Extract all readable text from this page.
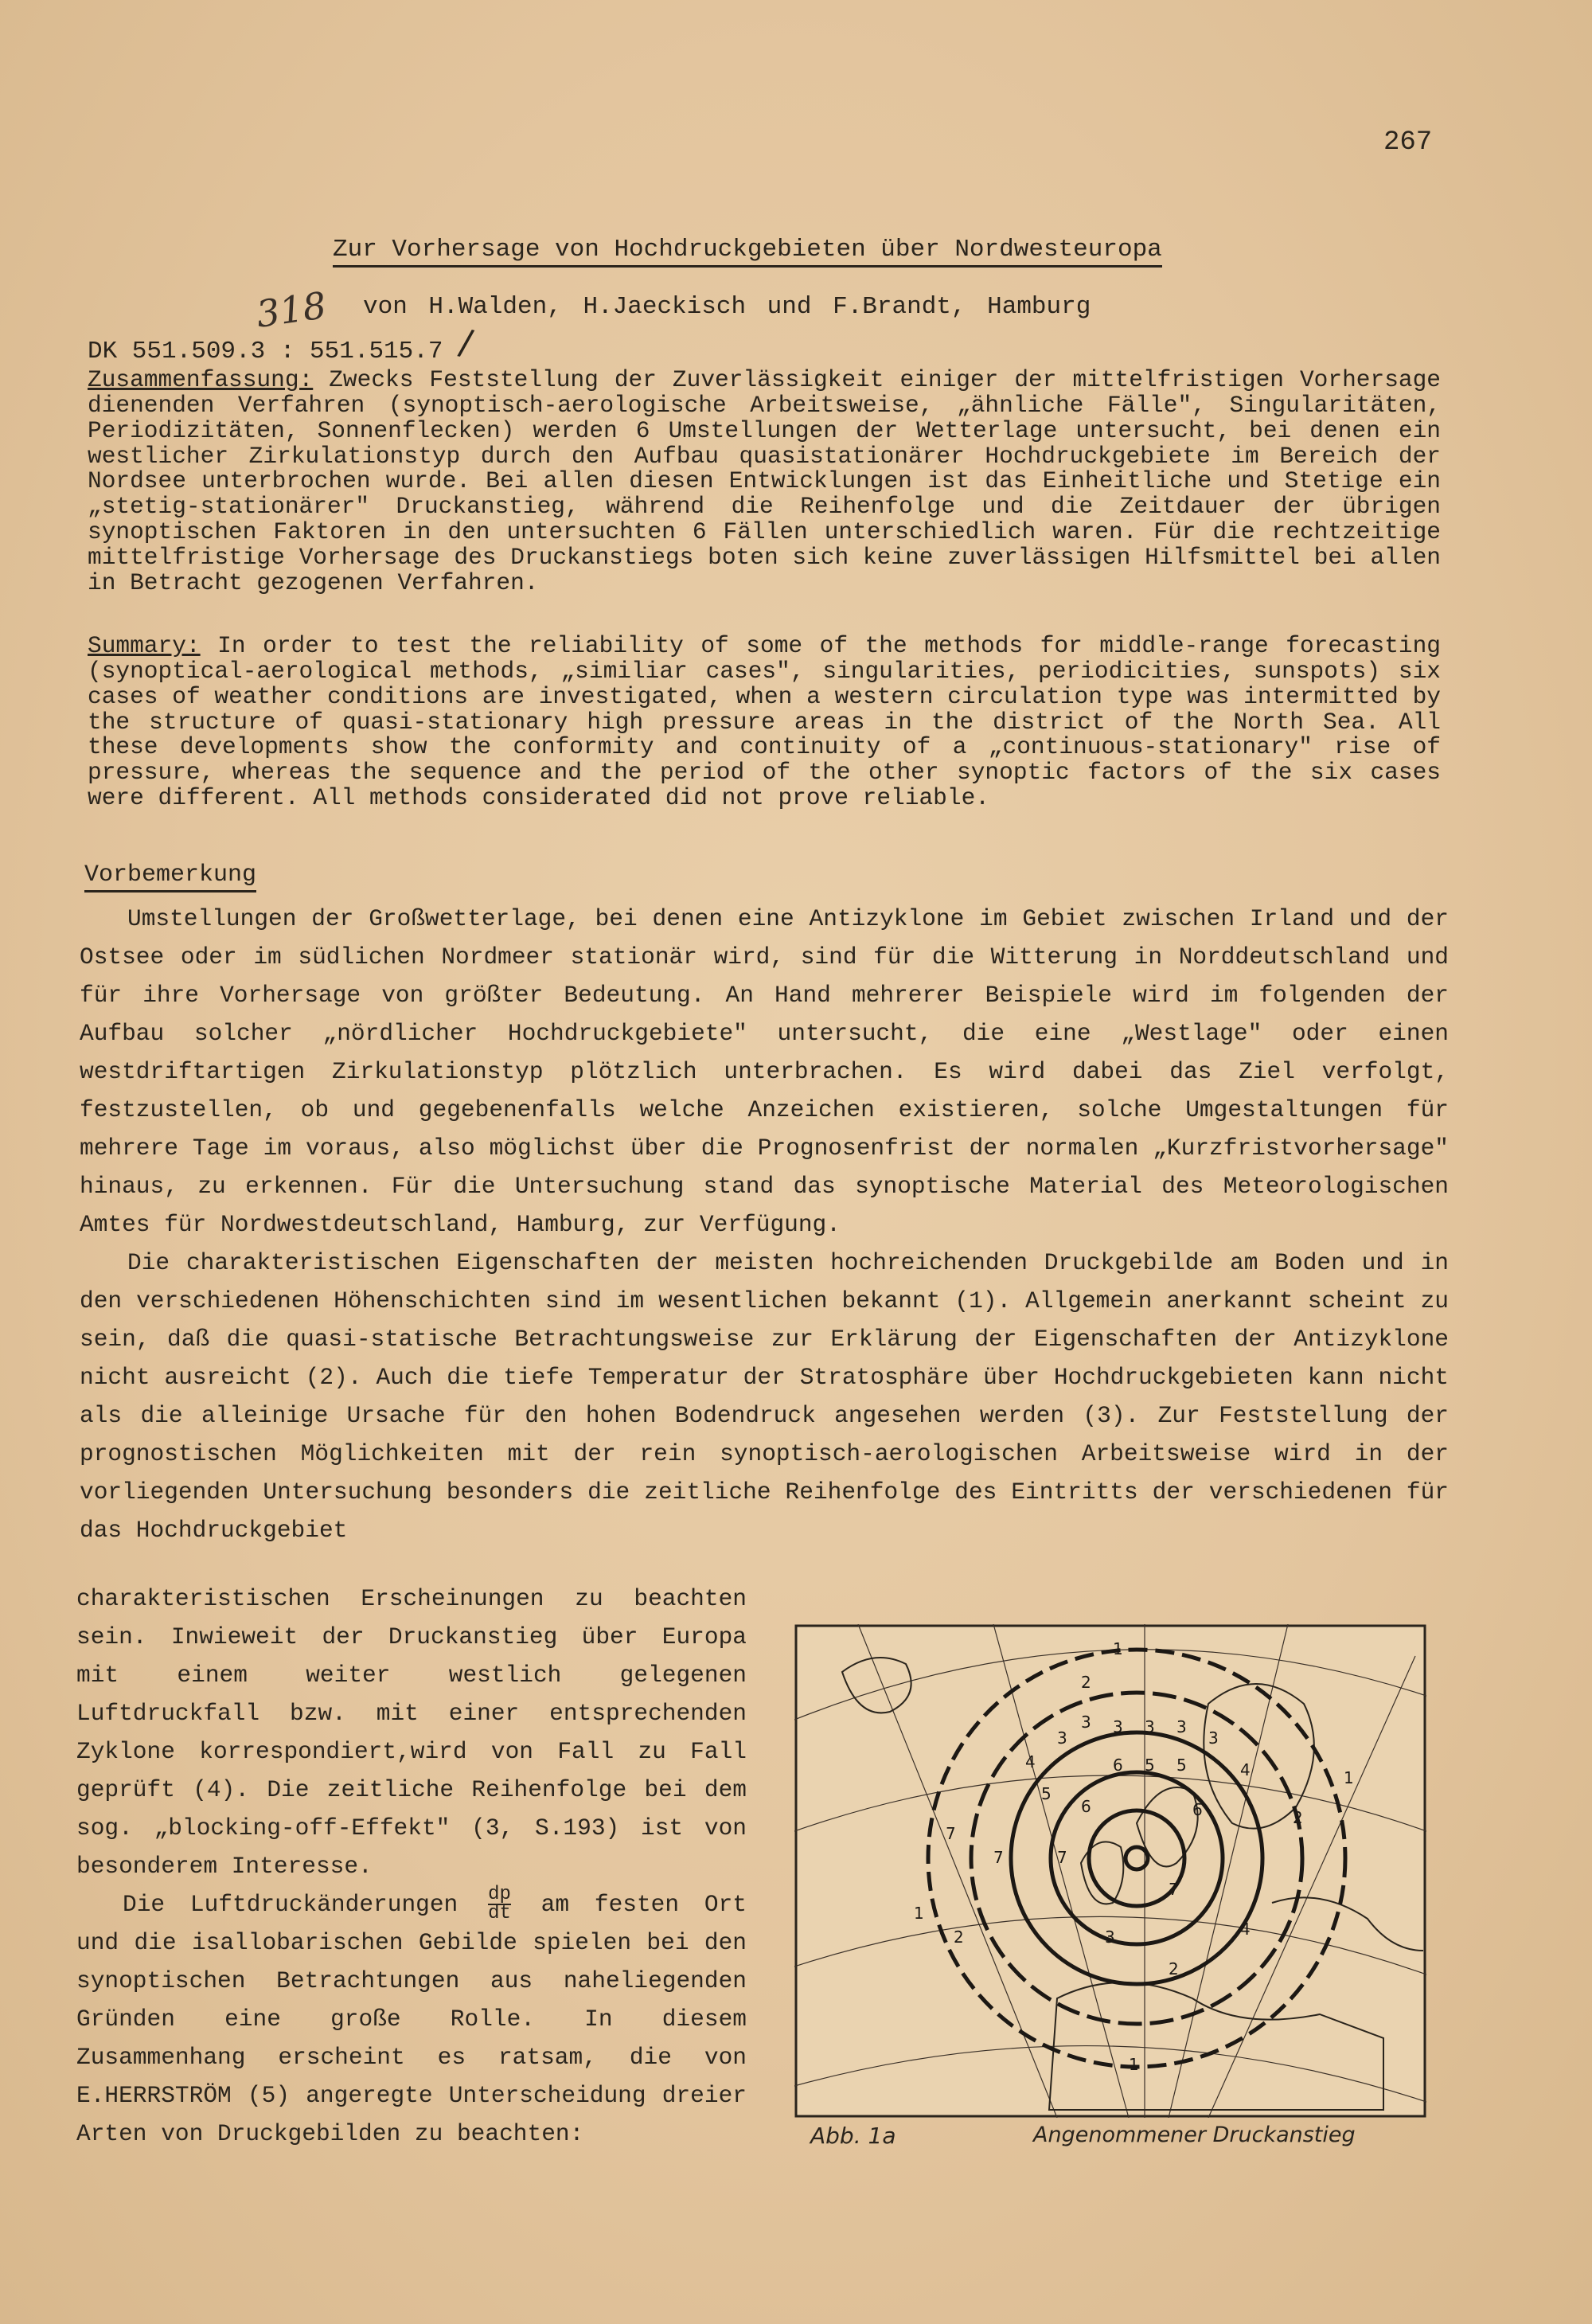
267
Zur Vorhersage von Hochdruckgebieten über Nordwesteuropa
318 von H.Walden, H.Jaeckisch und F.Brandt, Hamburg
DK 551.509.3 : 551.515.7 /

Zusammenfassung: Zwecks Feststellung der Zuverlässigkeit einiger der mittelfristigen Vorhersage dienenden Verfahren (synoptisch-aerologische Arbeitsweise, „ähnliche Fälle", Singularitäten, Periodizitäten, Sonnenflecken) werden 6 Umstellungen der Wetterlage untersucht, bei denen ein westlicher Zirkulationstyp durch den Aufbau quasistationärer Hochdruckgebiete im Bereich der Nordsee unterbrochen wurde. Bei allen diesen Entwicklungen ist das Einheitliche und Stetige ein „stetig-stationärer" Druckanstieg, während die Reihenfolge und die Zeitdauer der übrigen synoptischen Faktoren in den untersuchten 6 Fällen unterschiedlich waren. Für die rechtzeitige mittelfristige Vorhersage des Druckanstiegs boten sich keine zuverlässigen Hilfsmittel bei allen in Betracht gezogenen Verfahren.

Summary: In order to test the reliability of some of the methods for middle-range forecasting (synoptical-aerological methods, „similiar cases", singularities, periodicities, sunspots) six cases of weather conditions are investigated, when a western circulation type was intermitted by the structure of quasi-stationary high pressure areas in the district of the North Sea. All these developments show the conformity and continuity of a „continuous-stationary" rise of pressure, whereas the sequence and the period of the other synoptic factors of the six cases were different. All methods considerated did not prove reliable.

Vorbemerkung

Umstellungen der Großwetterlage, bei denen eine Antizyklone im Gebiet zwischen Irland und der Ostsee oder im südlichen Nordmeer stationär wird, sind für die Witterung in Norddeutschland und für ihre Vorhersage von größter Bedeutung. An Hand mehrerer Beispiele wird im folgenden der Aufbau solcher „nördlicher Hochdruckgebiete" untersucht, die eine „Westlage" oder einen westdriftartigen Zirkulationstyp plötzlich unterbrachen. Es wird dabei das Ziel verfolgt, festzustellen, ob und gegebenenfalls welche Anzeichen existieren, solche Umgestaltungen für mehrere Tage im voraus, also möglichst über die Prognosenfrist der normalen „Kurzfristvorhersage" hinaus, zu erkennen. Für die Untersuchung stand das synoptische Material des Meteorologischen Amtes für Nordwestdeutschland, Hamburg, zur Verfügung.
Die charakteristischen Eigenschaften der meisten hochreichenden Druckgebilde am Boden und in den verschiedenen Höhenschichten sind im wesentlichen bekannt (1). Allgemein anerkannt scheint zu sein, daß die quasi-statische Betrachtungsweise zur Erklärung der Eigenschaften der Antizyklone nicht ausreicht (2). Auch die tiefe Temperatur der Stratosphäre über Hochdruckgebieten kann nicht als die alleinige Ursache für den hohen Bodendruck angesehen werden (3). Zur Feststellung der prognostischen Möglichkeiten mit der rein synoptisch-aerologischen Arbeitsweise wird in der vorliegenden Untersuchung besonders die zeitliche Reihenfolge des Eintritts der verschiedenen für das Hochdruckgebiet

charakteristischen Erscheinungen zu beachten sein. Inwieweit der Druckanstieg über Europa mit einem weiter westlich gelegenen Luftdruckfall bzw. mit einer entsprechenden Zyklone korrespondiert,wird von Fall zu Fall geprüft (4). Die zeitliche Reihenfolge bei dem sog. „blocking-off-Effekt" (3, S.193) ist von besonderem Interesse.
Die Luftdruckänderungen $\frac{dp}{dt}$ am festen Ort und die isallobarischen Gebilde spielen bei den synoptischen Betrachtungen aus naheliegenden Gründen eine große Rolle. In diesem Zusammenhang erscheint es ratsam, die von E.HERRSTRÖM (5) angeregte Unterscheidung dreier Arten von Druckgebilden zu beachten:

1
1
2
2
3 3 3 3
3
3
4
4	5 5
5
6
6	6
7
7	7
7
3	4
2
2
1
1
Abb. 1a	Angenommener Druckanstieg
